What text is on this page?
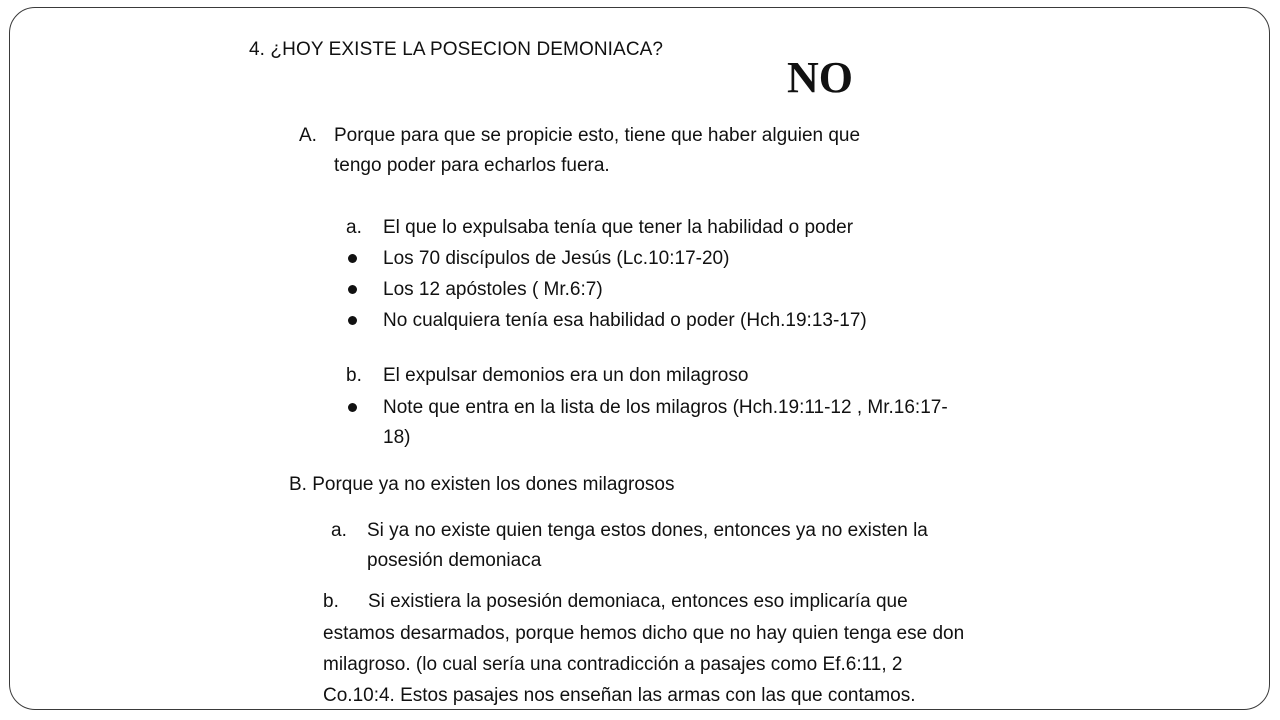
4. ¿HOY EXISTE LA POSECION DEMONIACA?
NO
A. Porque para que se propicie esto, tiene que haber alguien que
tengo poder para echarlos fuera.
a. El que lo expulsaba tenía que tener la habilidad o poder
Los 70 discípulos de Jesús (Lc.10:17-20)
Los 12 apóstoles ( Mr.6:7)
No cualquiera tenía esa habilidad o poder (Hch.19:13-17)
b. El expulsar demonios era un don milagroso
Note que entra en la lista de los milagros (Hch.19:11-12 , Mr.16:17-
18)
B. Porque ya no existen los dones milagrosos
a. Si ya no existe quien tenga estos dones, entonces ya no existen la
posesión demoniaca
b. Si existiera la posesión demoniaca, entonces eso implicaría que
estamos desarmados, porque hemos dicho que no hay quien tenga ese don
milagroso. (lo cual sería una contradicción a pasajes como Ef.6:11, 2
Co.10:4. Estos pasajes nos enseñan las armas con las que contamos.
